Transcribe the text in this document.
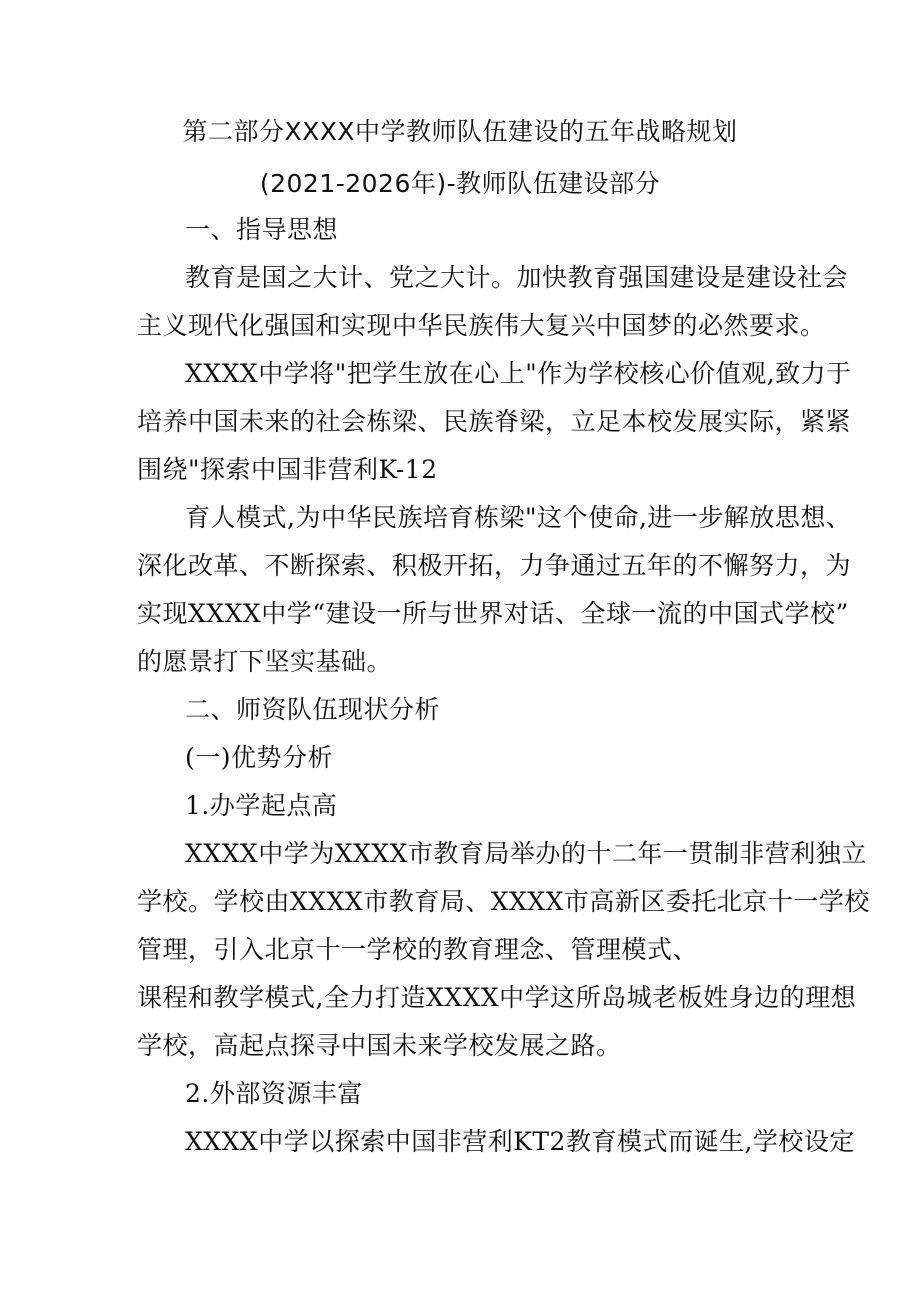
第二部分XXXX中学教师队伍建设的五年战略规划
(2021-2026年)-教师队伍建设部分
一、指导思想
教育是国之大计、党之大计。加快教育强国建设是建设社会
主义现代化强国和实现中华民族伟大复兴中国梦的必然要求。
XXXX中学将"把学生放在心上"作为学校核心价值观,致力于
培养中国未来的社会栋梁、民族脊梁，立足本校发展实际，紧紧
围绕"探索中国非营利K-12
育人模式,为中华民族培育栋梁"这个使命,进一步解放思想、
深化改革、不断探索、积极开拓，力争通过五年的不懈努力，为
实现XXXX中学“建设一所与世界对话、全球一流的中国式学校”
的愿景打下坚实基础。
二、师资队伍现状分析
(一)优势分析
1.办学起点高
XXXX中学为XXXX市教育局举办的十二年一贯制非营利独立
学校。学校由XXXX市教育局、XXXX市高新区委托北京十一学校
管理，引入北京十一学校的教育理念、管理模式、
课程和教学模式,全力打造XXXX中学这所岛城老板姓身边的理想
学校，高起点探寻中国未来学校发展之路。
2.外部资源丰富
XXXX中学以探索中国非营利KT2教育模式而诞生,学校设定
